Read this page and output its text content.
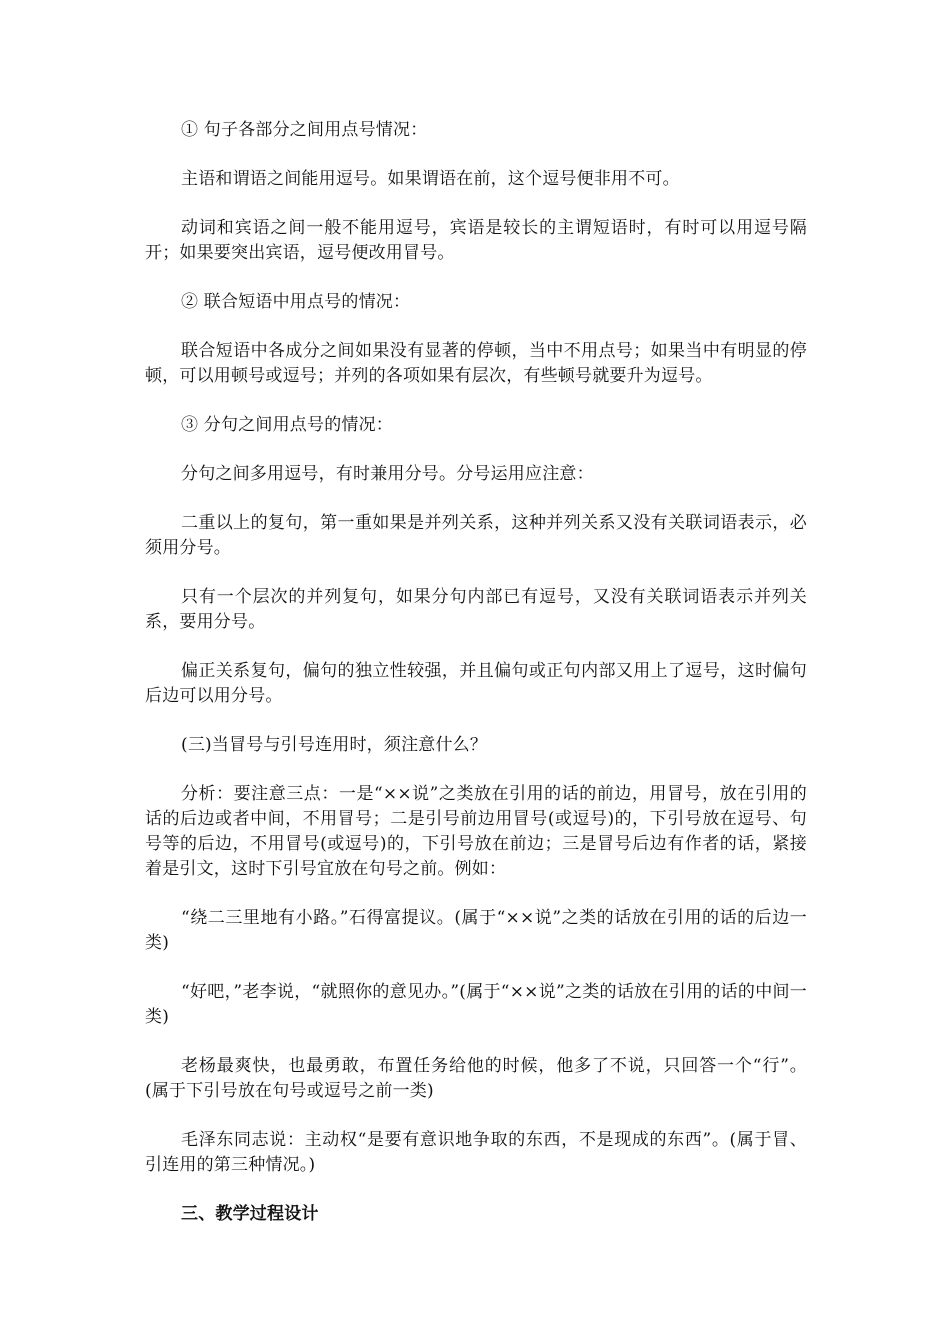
① 句子各部分之间用点号情况：

主语和谓语之间能用逗号。如果谓语在前，这个逗号便非用不可。

动词和宾语之间一般不能用逗号，宾语是较长的主谓短语时，有时可以用逗号隔开；如果要突出宾语，逗号便改用冒号。

② 联合短语中用点号的情况：

联合短语中各成分之间如果没有显著的停顿，当中不用点号；如果当中有明显的停顿，可以用顿号或逗号；并列的各项如果有层次，有些顿号就要升为逗号。

③ 分句之间用点号的情况：

分句之间多用逗号，有时兼用分号。分号运用应注意：

二重以上的复句，第一重如果是并列关系，这种并列关系又没有关联词语表示，必须用分号。

只有一个层次的并列复句，如果分句内部已有逗号，又没有关联词语表示并列关系，要用分号。

偏正关系复句，偏句的独立性较强，并且偏句或正句内部又用上了逗号，这时偏句后边可以用分号。

(三)当冒号与引号连用时，须注意什么？

分析：要注意三点：一是“××说”之类放在引用的话的前边，用冒号，放在引用的话的后边或者中间，不用冒号；二是引号前边用冒号(或逗号)的，下引号放在逗号、句号等的后边，不用冒号(或逗号)的，下引号放在前边；三是冒号后边有作者的话，紧接着是引文，这时下引号宜放在句号之前。例如：

“绕二三里地有小路。”石得富提议。(属于“××说”之类的话放在引用的话的后边一类)

“好吧，”老李说，“就照你的意见办。”(属于“××说”之类的话放在引用的话的中间一类)

老杨最爽快，也最勇敢，布置任务给他的时候，他多了不说，只回答一个“行”。(属于下引号放在句号或逗号之前一类)

毛泽东同志说：主动权“是要有意识地争取的东西，不是现成的东西”。(属于冒、引连用的第三种情况。)

三、教学过程设计
